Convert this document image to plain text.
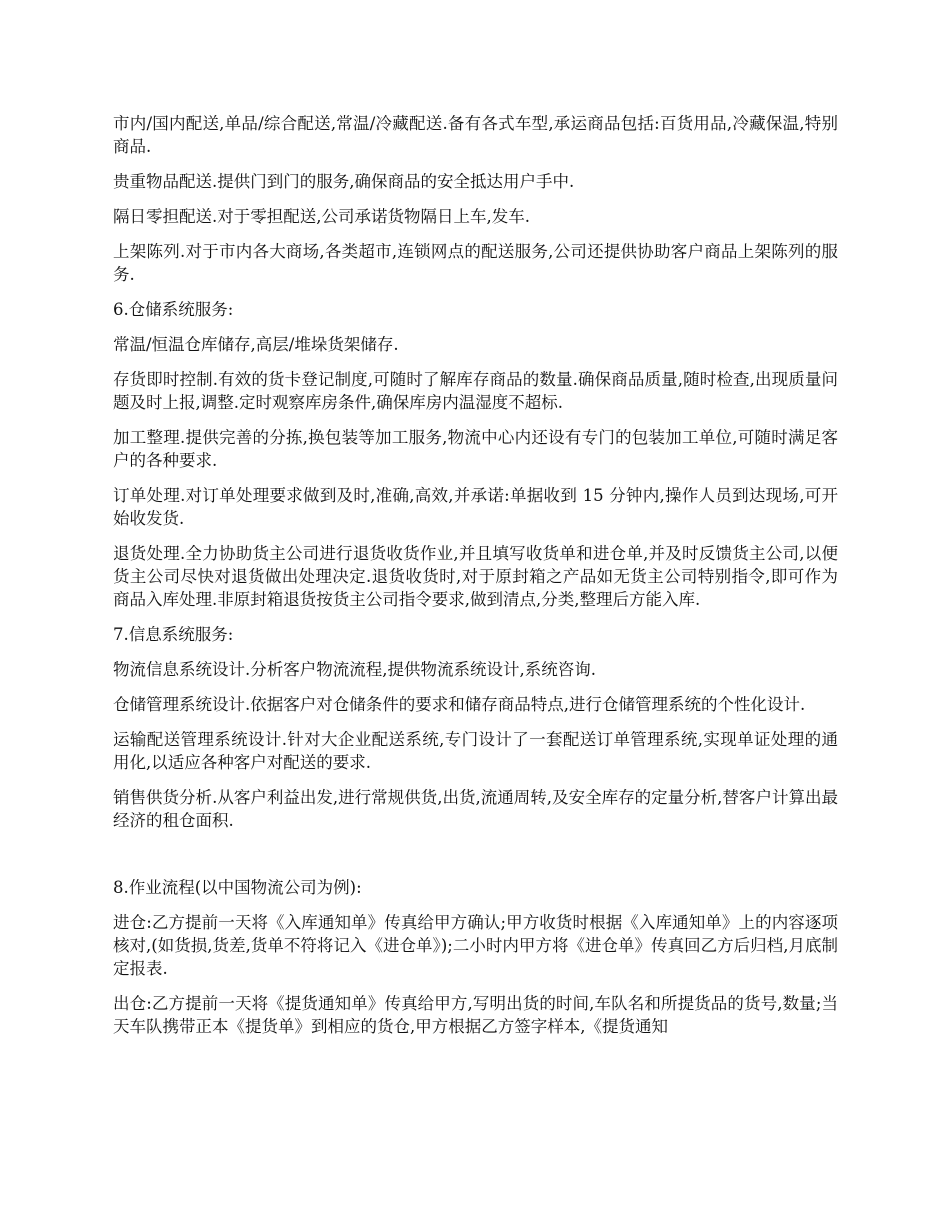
市内/国内配送,单品/综合配送,常温/冷藏配送.备有各式车型,承运商品包括:百货用品,冷藏保温,特别商品.

贵重物品配送.提供门到门的服务,确保商品的安全抵达用户手中.

隔日零担配送.对于零担配送,公司承诺货物隔日上车,发车.

上架陈列.对于市内各大商场,各类超市,连锁网点的配送服务,公司还提供协助客户商品上架陈列的服务.

6.仓储系统服务:

常温/恒温仓库储存,高层/堆垛货架储存.

存货即时控制.有效的货卡登记制度,可随时了解库存商品的数量.确保商品质量,随时检查,出现质量问题及时上报,调整.定时观察库房条件,确保库房内温湿度不超标.

加工整理.提供完善的分拣,换包装等加工服务,物流中心内还设有专门的包装加工单位,可随时满足客户的各种要求.

订单处理.对订单处理要求做到及时,准确,高效,并承诺:单据收到 15 分钟内,操作人员到达现场,可开始收发货.

退货处理.全力协助货主公司进行退货收货作业,并且填写收货单和进仓单,并及时反馈货主公司,以便货主公司尽快对退货做出处理决定.退货收货时,对于原封箱之产品如无货主公司特别指令,即可作为商品入库处理.非原封箱退货按货主公司指令要求,做到清点,分类,整理后方能入库.

7.信息系统服务:

物流信息系统设计.分析客户物流流程,提供物流系统设计,系统咨询.

仓储管理系统设计.依据客户对仓储条件的要求和储存商品特点,进行仓储管理系统的个性化设计.

运输配送管理系统设计.针对大企业配送系统,专门设计了一套配送订单管理系统,实现单证处理的通用化,以适应各种客户对配送的要求.

销售供货分析.从客户利益出发,进行常规供货,出货,流通周转,及安全库存的定量分析,替客户计算出最经济的租仓面积.

8.作业流程(以中国物流公司为例):

进仓:乙方提前一天将《入库通知单》传真给甲方确认;甲方收货时根据《入库通知单》上的内容逐项核对,(如货损,货差,货单不符将记入《进仓单》);二小时内甲方将《进仓单》传真回乙方后归档,月底制定报表.

出仓:乙方提前一天将《提货通知单》传真给甲方,写明出货的时间,车队名和所提货品的货号,数量;当天车队携带正本《提货单》到相应的货仓,甲方根据乙方签字样本,《提货通知
